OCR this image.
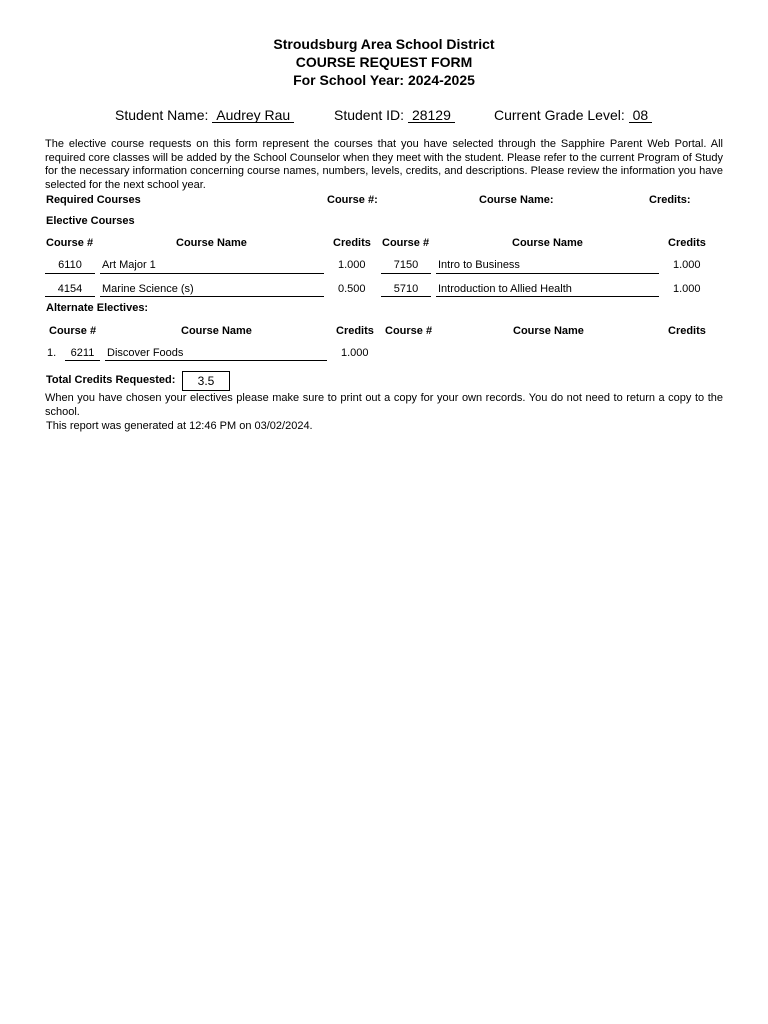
Stroudsburg Area School District
COURSE REQUEST FORM
For School Year: 2024-2025
Student Name: Audrey Rau	Student ID: 28129	Current Grade Level: 08
The elective course requests on this form represent the courses that you have selected through the Sapphire Parent Web Portal. All required core classes will be added by the School Counselor when they meet with the student. Please refer to the current Program of Study for the necessary information concerning course names, numbers, levels, credits, and descriptions. Please review the information you have selected for the next school year.
Required Courses	Course #:	Course Name:	Credits:
Elective Courses
Course #	Course Name	Credits Course #	Course Name	Credits
6110	Art Major 1	1.000	7150	Intro to Business	1.000
4154	Marine Science (s)	0.500	5710	Introduction to Allied Health	1.000
Alternate Electives:
Course #	Course Name	Credits Course #	Course Name	Credits
1.	6211	Discover Foods	1.000
Total Credits Requested:	3.5
When you have chosen your electives please make sure to print out a copy for your own records. You do not need to return a copy to the school.
This report was generated at 12:46 PM on 03/02/2024.
